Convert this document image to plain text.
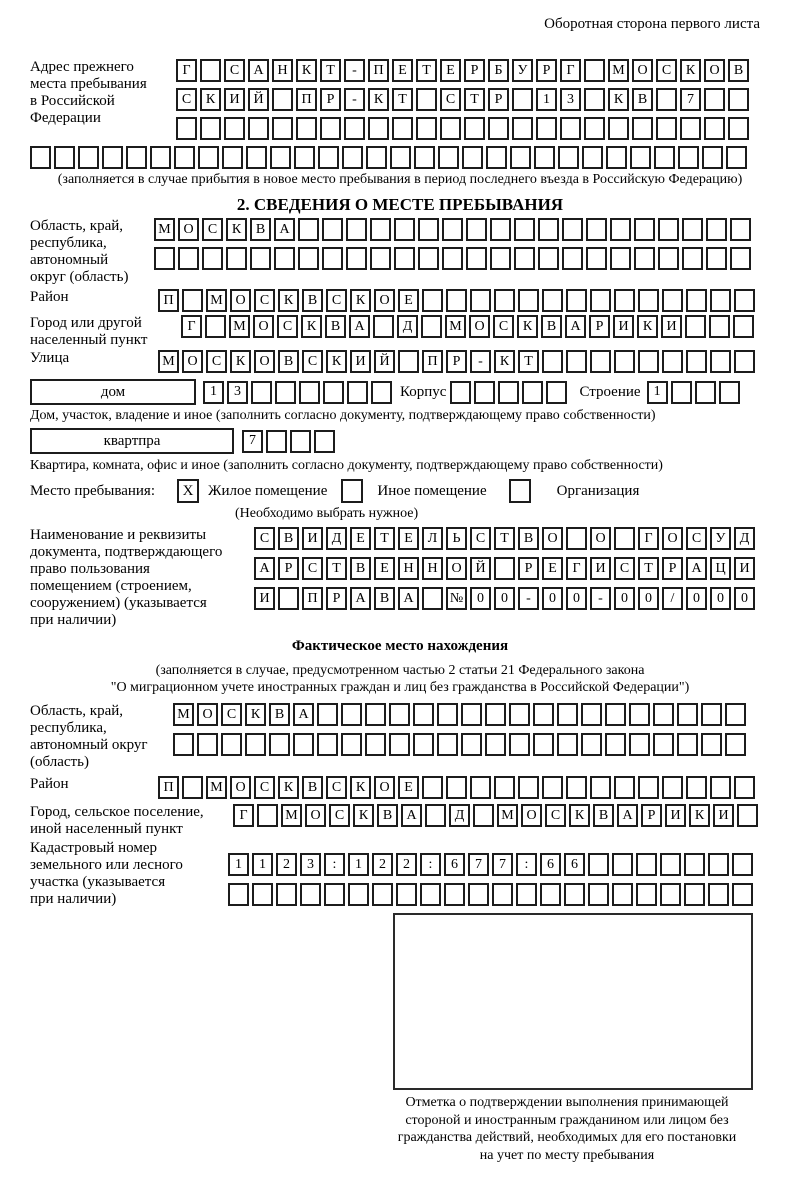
Оборотная сторона первого листа
Адрес прежнего
места пребывания
в Российской
Федерации
Г	С	А Н	К	Т	-	П	Е	Т	Е	Р	Б	У	Р	Г	М О	С	К	О	В
С	К	И Й	П	Р	-	К	Т	С	Т	Р	1	3	К	В	7
(заполняется в случае прибытия в новое место пребывания в период последнего въезда в Российскую Федерацию)
2. СВЕДЕНИЯ О МЕСТЕ ПРЕБЫВАНИЯ
Область, край,
республика,
автономный
округ (область)
М О	С	К	В	А
Район	П	М О	С	К	В	С	К	О	Е
Город или другой
населенный пункт
Г	М О	С	К	В	А	Д	М О	С	К	В	А	Р	И	К	И
Улица	М О	С	К	О	В	С	К	И Й	П	Р	-	К	Т
дом	1	3	Корпус	Строение 1
Дом, участок, владение и иное (заполнить согласно документу, подтверждающему право собственности)
квартпра	7
Квартира, комната, офис и иное (заполнить согласно документу, подтверждающему право собственности)
Место пребывания:	X Жилое помещение	Иное помещение	Организация
(Необходимо выбрать нужное)
Наименование и реквизиты
документа, подтверждающего
право пользования
помещением (строением,
сооружением) (указывается
при наличии)
С	В	И	Д	Е	Т	Е	Л	Ь	С	Т	В	О	О	Г	О	С	У	Д
А	Р	С	Т	В	Е	Н Н О Й	Р	Е	Г	И	С	Т	Р	А Ц И
И	П	Р	А	В	А	№ 0	0	-	0	0	-	0	0	/	0	0	0
Фактическое место нахождения
(заполняется в случае, предусмотренном частью 2 статьи 21 Федерального закона
"О миграционном учете иностранных граждан и лиц без гражданства в Российской Федерации")
Область, край,
республика,
автономный округ
(область)
М О	С	К	В	А
Район	П	М О	С	К	В	С	К	О	Е
Город, сельское поселение,
иной населенный пункт
Г	М О	С	К	В	А	Д	М О	С	К	В	А	Р	И	К	И
Кадастровый номер
земельного или лесного
участка (указывается
при наличии)
1	1	2	3	:	1	2	2	:	6	7	7	:	6	6
Отметка о подтверждении выполнения принимающей
стороной и иностранным гражданином или лицом без
гражданства действий, необходимых для его постановки
на учет по месту пребывания
